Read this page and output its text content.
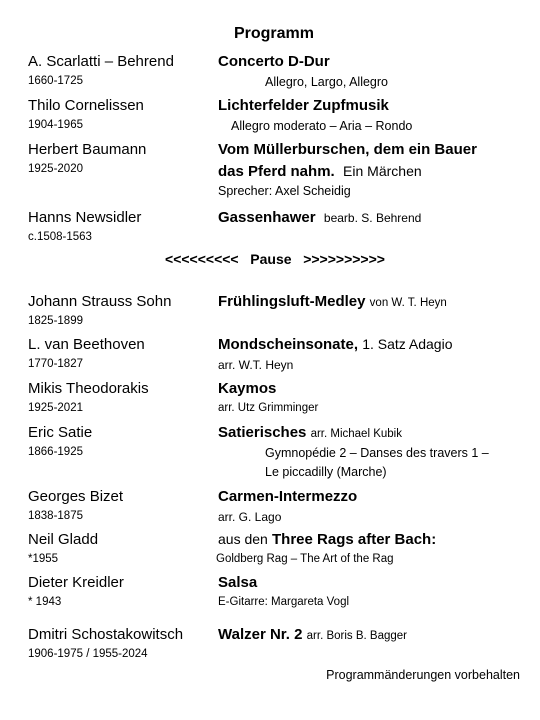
Programm
A. Scarlatti – Behrend
1660-1725
Concerto D-Dur
Allegro, Largo, Allegro
Thilo Cornelissen
1904-1965
Lichterfelder Zupfmusik
Allegro moderato – Aria – Rondo
Herbert Baumann
1925-2020
Vom Müllerburschen, dem ein Bauer
das Pferd nahm. Ein Märchen
Sprecher: Axel Scheidig
Hanns Newsidler
c.1508-1563
Gassenhawer bearb. S. Behrend
<<<<<<<<< Pause >>>>>>>>>>
Johann Strauss Sohn
1825-1899
Frühlingsluft-Medley von W. T. Heyn
L. van Beethoven
1770-1827
Mondscheinsonate, 1. Satz Adagio
arr. W.T. Heyn
Mikis Theodorakis
1925-2021
Kaymos
arr. Utz Grimminger
Eric Satie
1866-1925
Satierisches arr. Michael Kubik
Gymnopédie 2 – Danses des travers 1 –
Le piccadilly (Marche)
Georges Bizet
1838-1875
Carmen-Intermezzo
arr. G. Lago
Neil Gladd
*1955
aus den Three Rags after Bach:
Goldberg Rag – The Art of the Rag
Dieter Kreidler
* 1943
Salsa
E-Gitarre: Margareta Vogl
Dmitri Schostakowitsch
1906-1975 / 1955-2024
Walzer Nr. 2 arr. Boris B. Bagger
Programmänderungen vorbehalten
